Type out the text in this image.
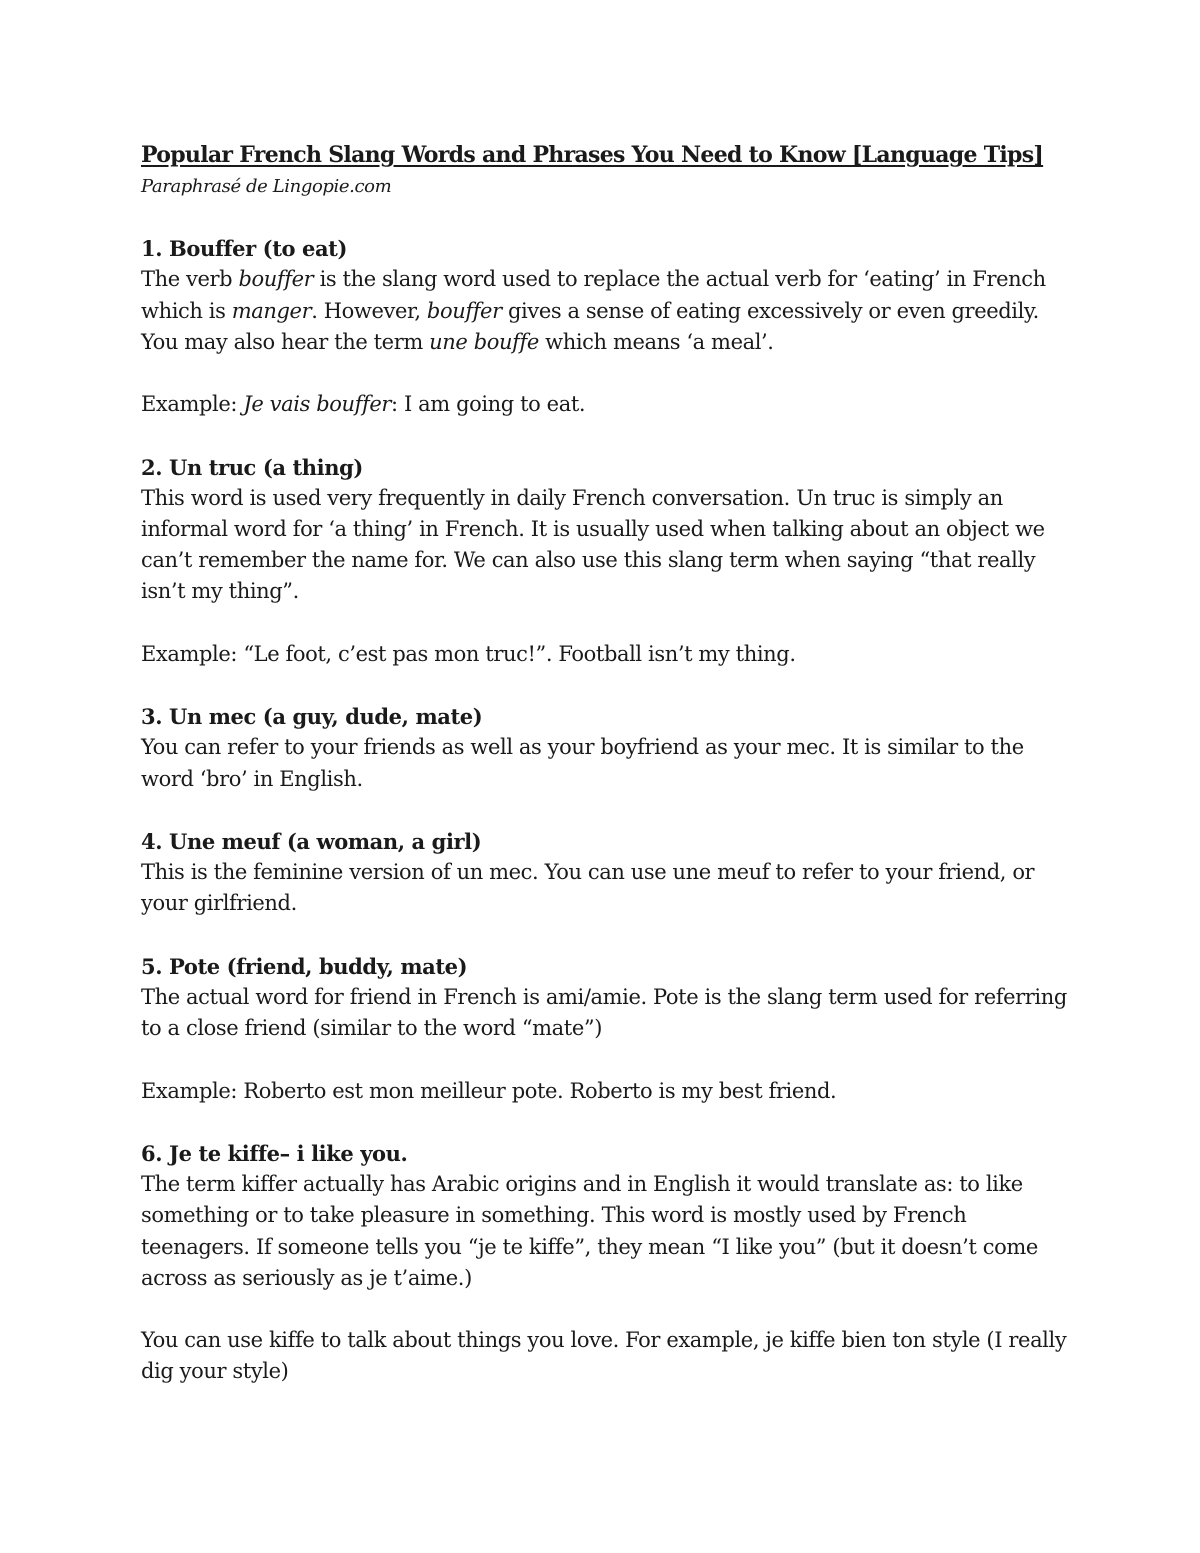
Popular French Slang Words and Phrases You Need to Know [Language Tips]

Paraphrasé de Lingopie.com

1. Bouffer (to eat)

The verb bouffer is the slang word used to replace the actual verb for ‘eating’ in French which is manger. However, bouffer gives a sense of eating excessively or even greedily. You may also hear the term une bouffe which means ‘a meal’.

Example: Je vais bouffer: I am going to eat.

2. Un truc (a thing)

This word is used very frequently in daily French conversation. Un truc is simply an informal word for ‘a thing’ in French. It is usually used when talking about an object we can’t remember the name for. We can also use this slang term when saying “that really isn’t my thing”.

Example: “Le foot, c’est pas mon truc!”. Football isn’t my thing.

3. Un mec (a guy, dude, mate)

You can refer to your friends as well as your boyfriend as your mec. It is similar to the word ‘bro’ in English.

4. Une meuf (a woman, a girl)

This is the feminine version of un mec. You can use une meuf to refer to your friend, or your girlfriend.

5. Pote (friend, buddy, mate)

The actual word for friend in French is ami/amie. Pote is the slang term used for referring to a close friend (similar to the word “mate”)

Example: Roberto est mon meilleur pote. Roberto is my best friend.

6. Je te kiffe– i like you.

The term kiffer actually has Arabic origins and in English it would translate as: to like something or to take pleasure in something. This word is mostly used by French teenagers. If someone tells you “je te kiffe”, they mean “I like you” (but it doesn’t come across as seriously as je t’aime.)

You can use kiffe to talk about things you love. For example, je kiffe bien ton style (I really dig your style)
